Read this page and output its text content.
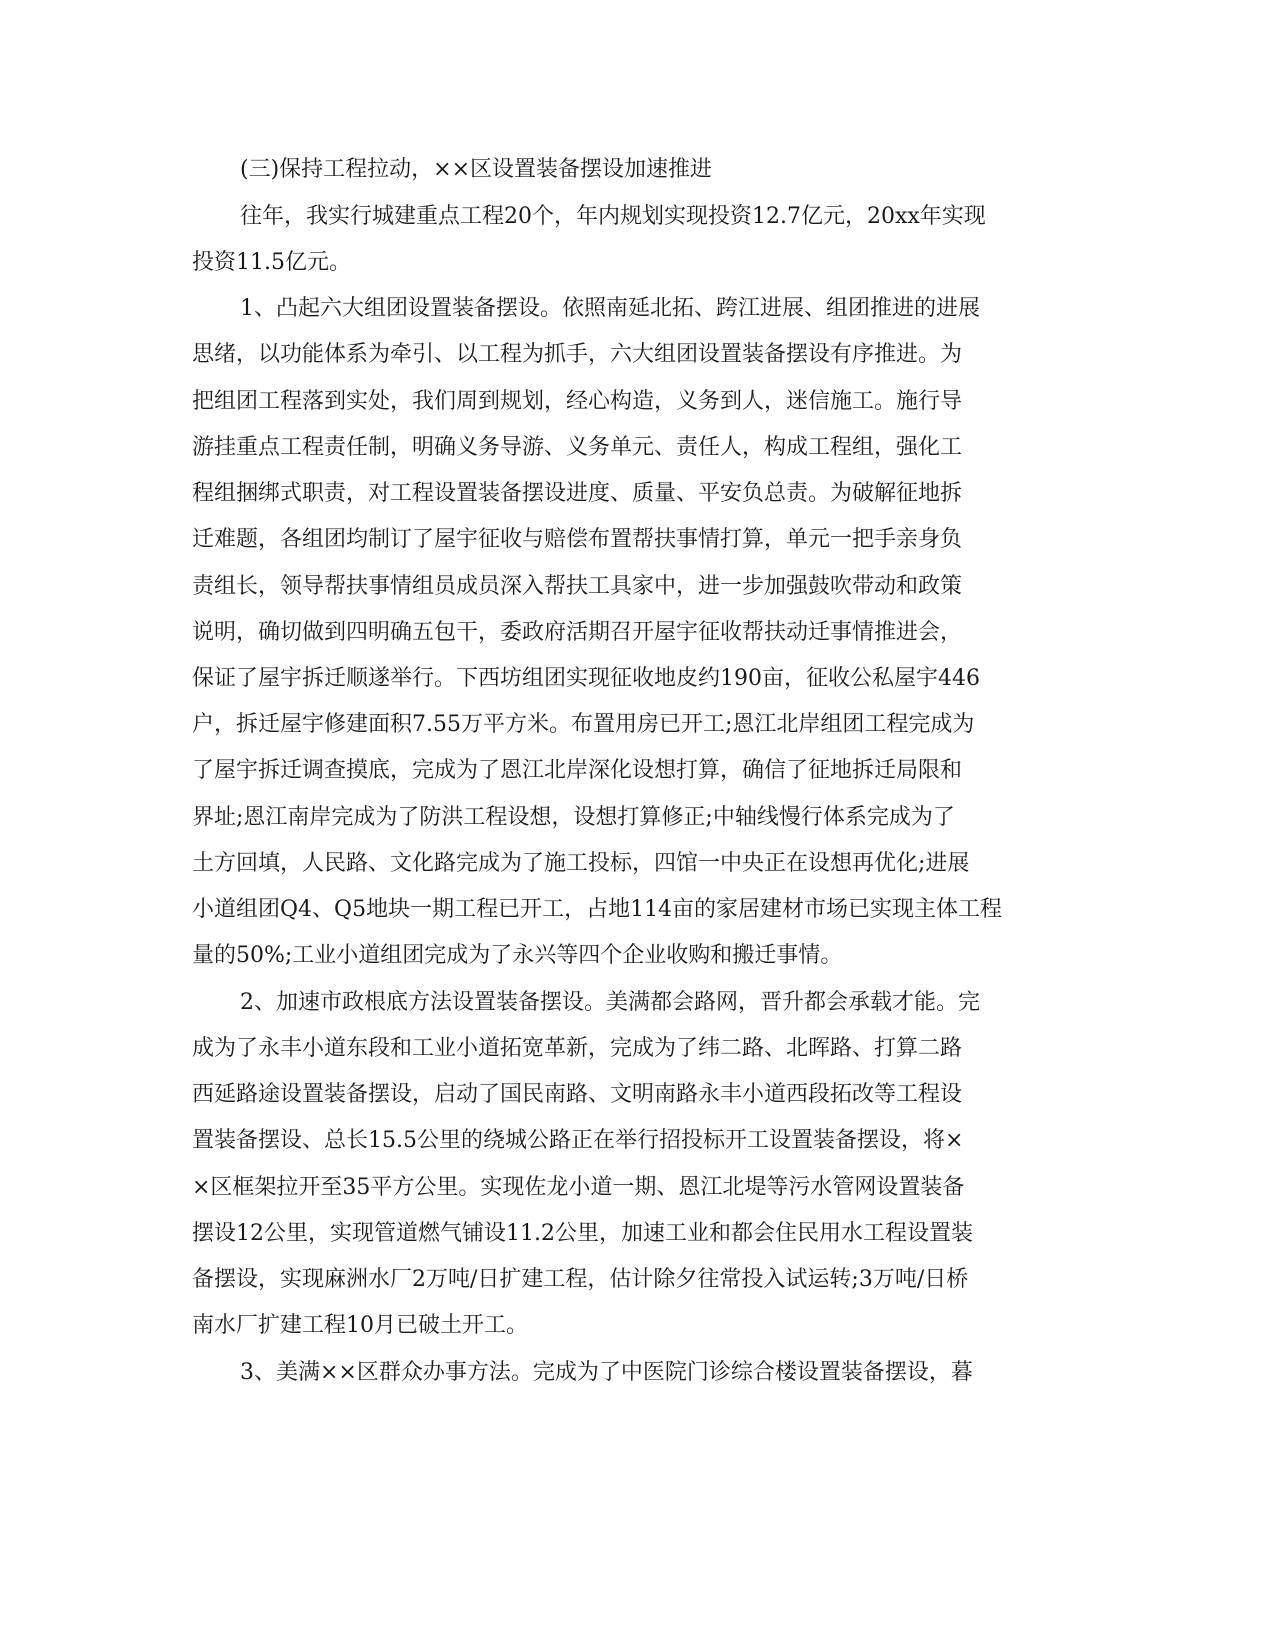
(三)保持工程拉动，××区设置装备摆设加速推进
往年，我实行城建重点工程20个，年内规划实现投资12.7亿元，20xx年实现
投资11.5亿元。
1、凸起六大组团设置装备摆设。依照南延北拓、跨江进展、组团推进的进展
思绪，以功能体系为牵引、以工程为抓手，六大组团设置装备摆设有序推进。为
把组团工程落到实处，我们周到规划，经心构造，义务到人，迷信施工。施行导
游挂重点工程责任制，明确义务导游、义务单元、责任人，构成工程组，强化工
程组捆绑式职责，对工程设置装备摆设进度、质量、平安负总责。为破解征地拆
迁难题，各组团均制订了屋宇征收与赔偿布置帮扶事情打算，单元一把手亲身负
责组长，领导帮扶事情组员成员深入帮扶工具家中，进一步加强鼓吹带动和政策
说明，确切做到四明确五包干，委政府活期召开屋宇征收帮扶动迁事情推进会，
保证了屋宇拆迁顺遂举行。下西坊组团实现征收地皮约190亩，征收公私屋宇446
户，拆迁屋宇修建面积7.55万平方米。布置用房已开工;恩江北岸组团工程完成为
了屋宇拆迁调查摸底，完成为了恩江北岸深化设想打算，确信了征地拆迁局限和
界址;恩江南岸完成为了防洪工程设想，设想打算修正;中轴线慢行体系完成为了
土方回填，人民路、文化路完成为了施工投标，四馆一中央正在设想再优化;进展
小道组团Q4、Q5地块一期工程已开工，占地114亩的家居建材市场已实现主体工程
量的50%;工业小道组团完成为了永兴等四个企业收购和搬迁事情。
2、加速市政根底方法设置装备摆设。美满都会路网，晋升都会承载才能。完
成为了永丰小道东段和工业小道拓宽革新，完成为了纬二路、北晖路、打算二路
西延路途设置装备摆设，启动了国民南路、文明南路永丰小道西段拓改等工程设
置装备摆设、总长15.5公里的绕城公路正在举行招投标开工设置装备摆设，将×
×区框架拉开至35平方公里。实现佐龙小道一期、恩江北堤等污水管网设置装备
摆设12公里，实现管道燃气铺设11.2公里，加速工业和都会住民用水工程设置装
备摆设，实现麻洲水厂2万吨/日扩建工程，估计除夕往常投入试运转;3万吨/日桥
南水厂扩建工程10月已破土开工。
3、美满××区群众办事方法。完成为了中医院门诊综合楼设置装备摆设，暮
